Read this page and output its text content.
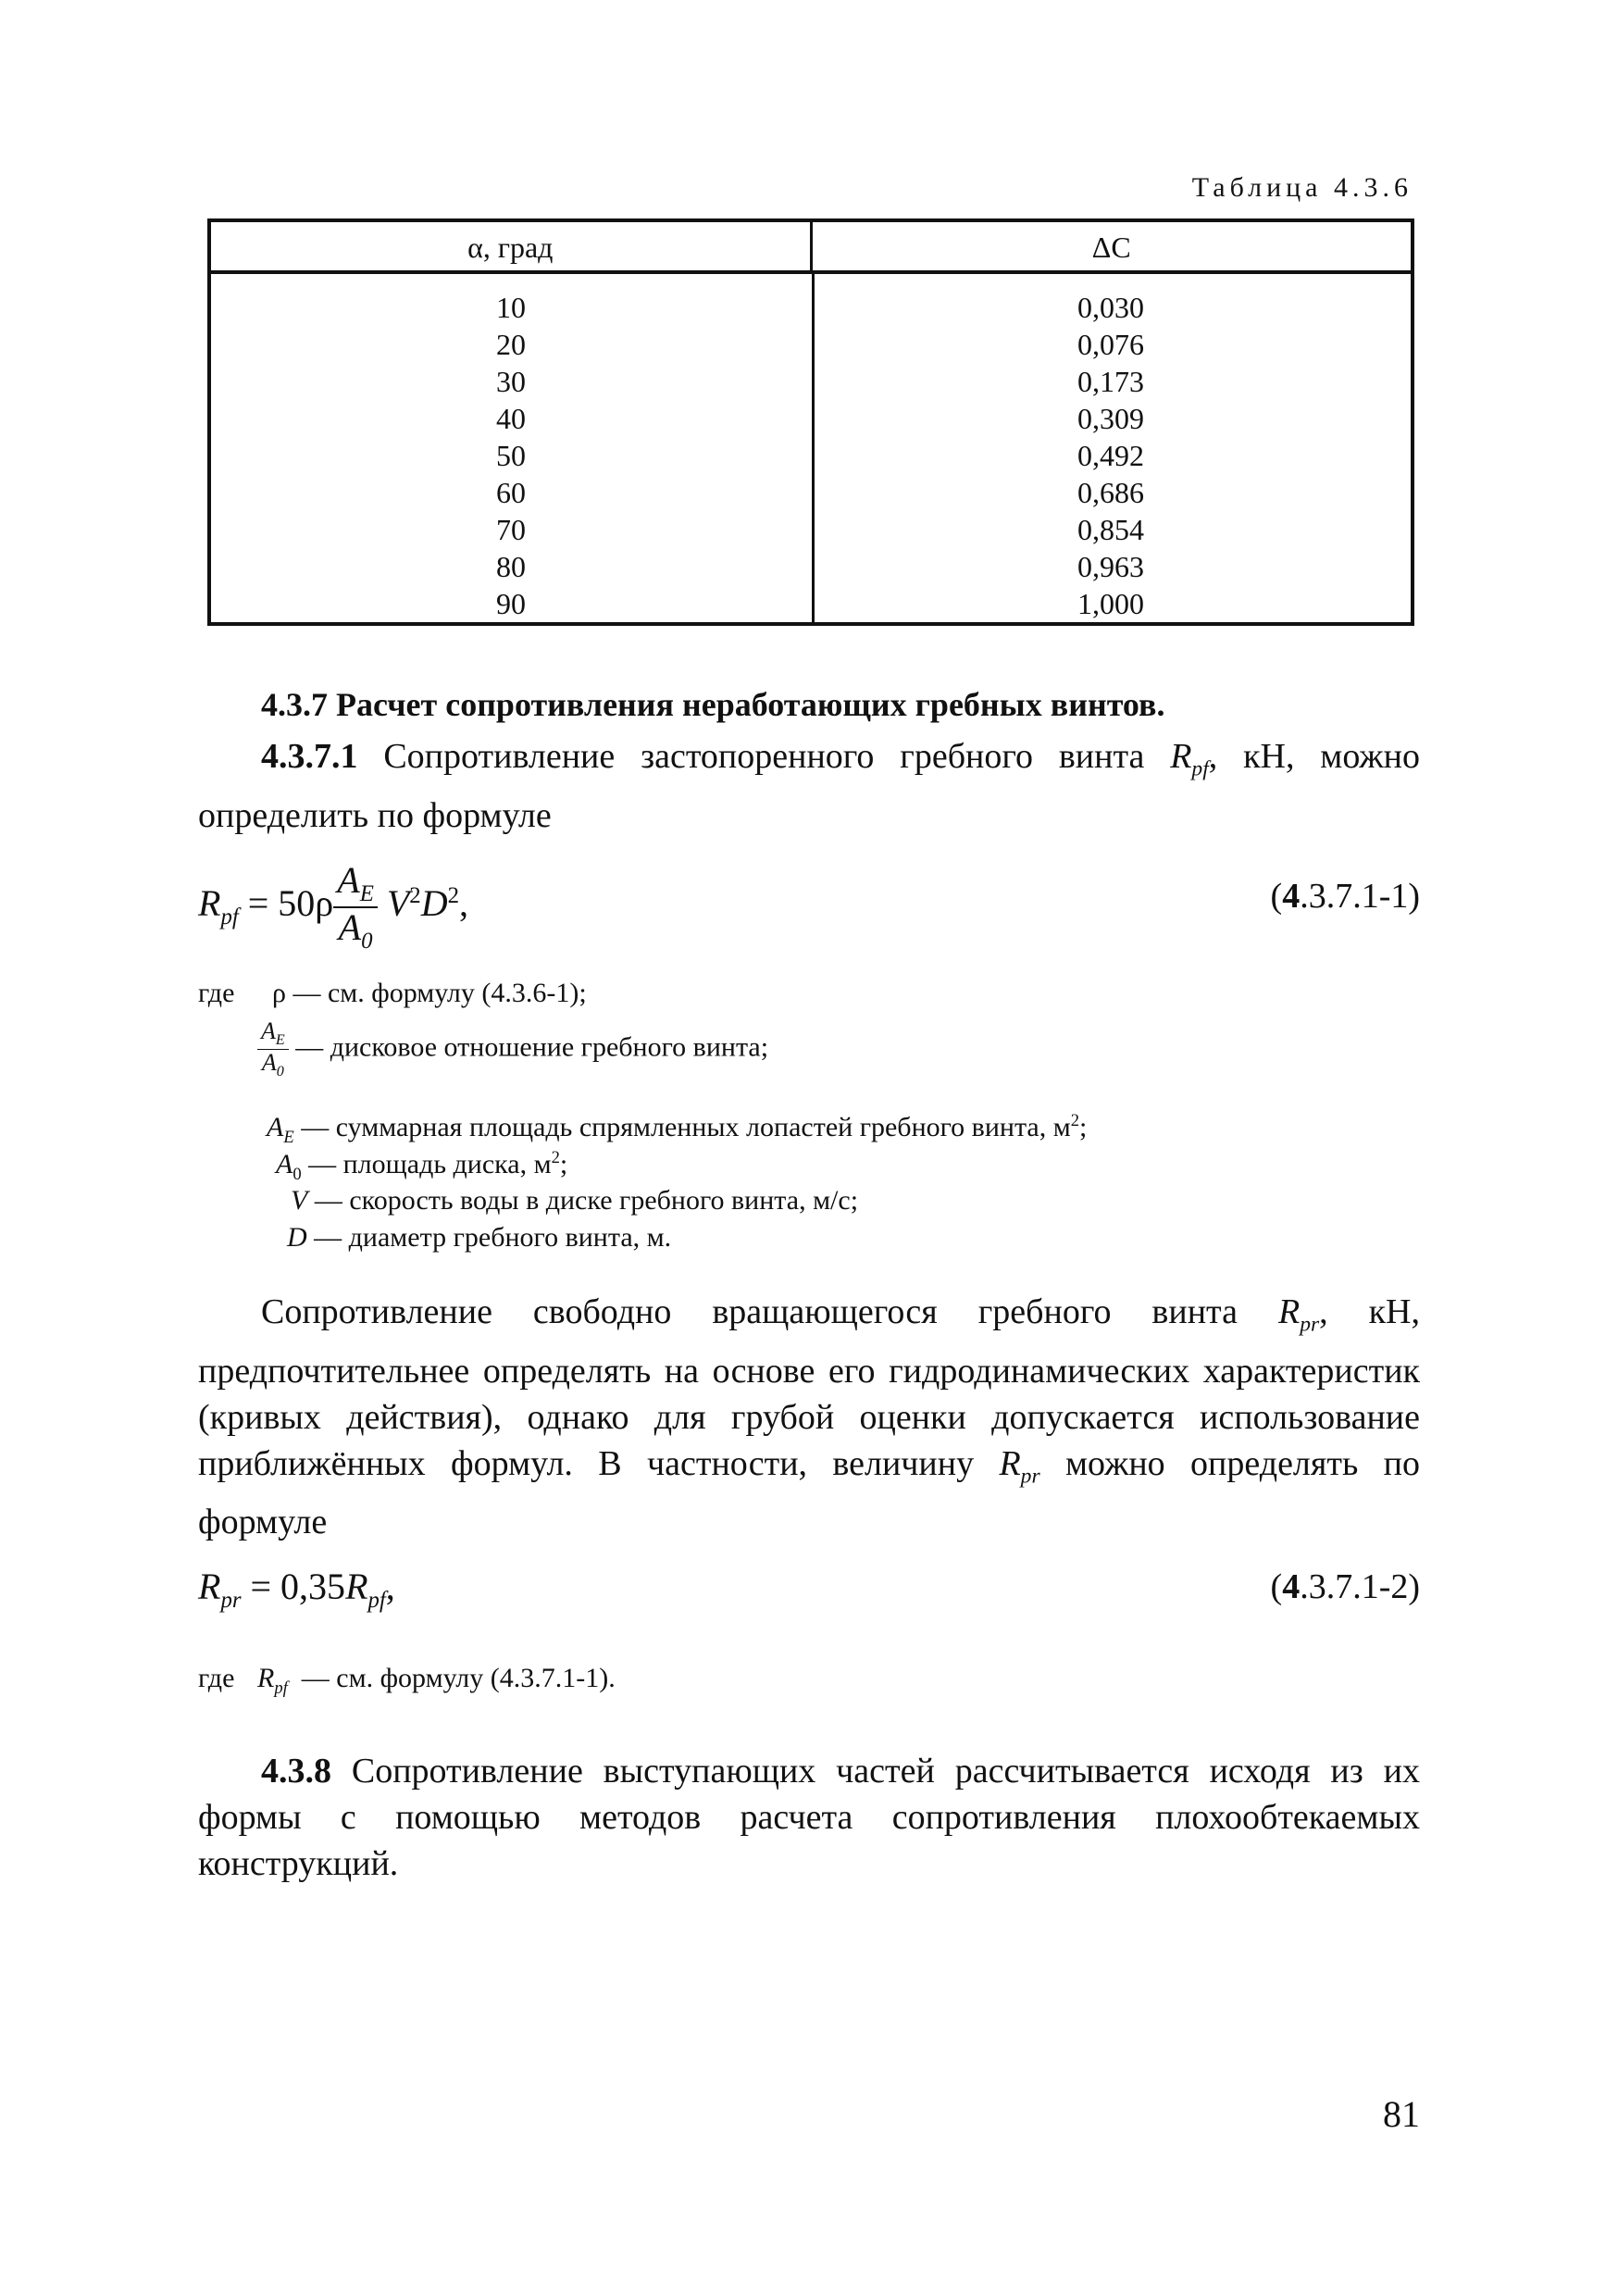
Таблица 4.3.6
α, град	ΔC
10	0,030
20	0,076
30	0,173
40	0,309
50	0,492
60	0,686
70	0,854
80	0,963
90	1,000
4.3.7 Расчет сопротивления неработающих гребных винтов.
4.3.7.1 Сопротивление застопоренного гребного винта $R_{pf}$, кН, можно определить по формуле
$R_{pf} = 50\rho \frac{A_E}{A_0} V^2D^2$,	(4.3.7.1-1)
где ρ — см. формулу (4.3.6-1);
$\frac{A_E}{A_0}$ — дисковое отношение гребного винта;
$A_E$ — суммарная площадь спрямленных лопастей гребного винта, $м^2$;
$A_0$ — площадь диска, $м^2$;
V — скорость воды в диске гребного винта, м/с;
D — диаметр гребного винта, м.
Сопротивление свободно вращающегося гребного винта $R_{pr}$, кН, предпочтительнее определять на основе его гидродинамических характеристик (кривых действия), однако для грубой оценки допускается использование приближённых формул. В частности, величину $R_{pr}$ можно определять по формуле
$R_{pr} = 0,35R_{pf}$,	(4.3.7.1-2)
где $R_{pf}$ — см. формулу (4.3.7.1-1).
4.3.8 Сопротивление выступающих частей рассчитывается исходя из их формы с помощью методов расчета сопротивления плохообтекаемых конструкций.
81
